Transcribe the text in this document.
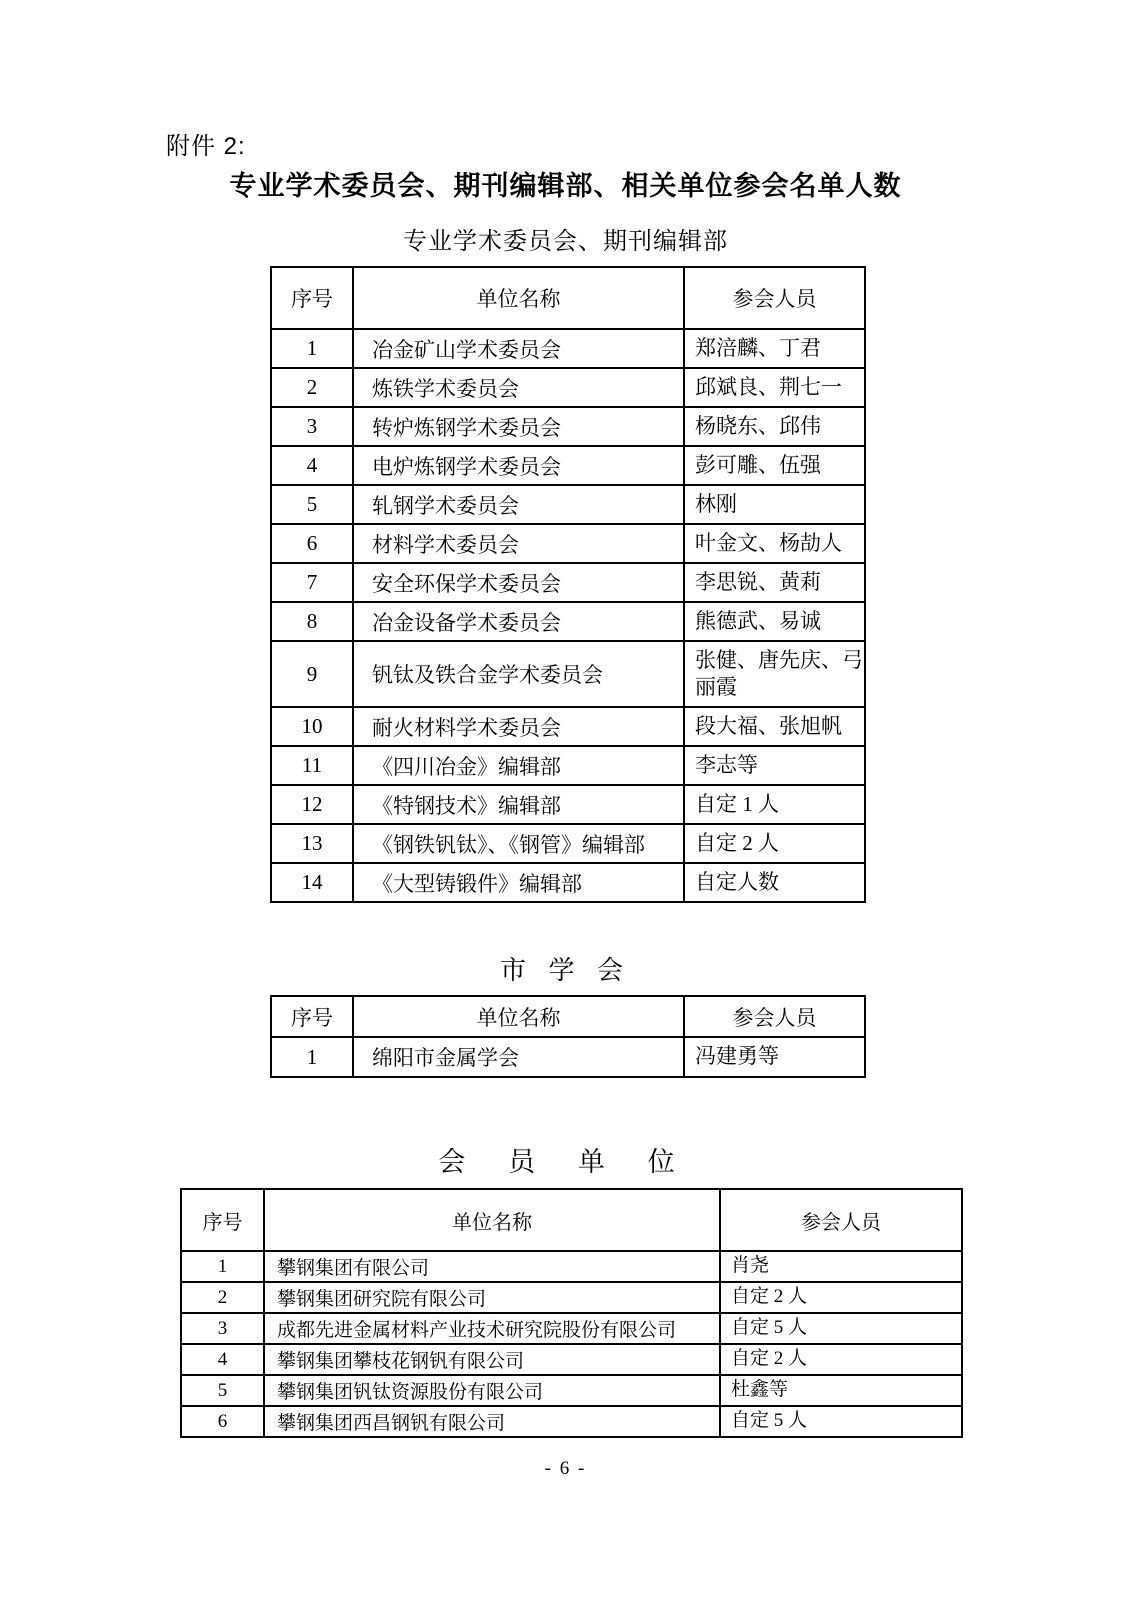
附件 2:
专业学术委员会、期刊编辑部、相关单位参会名单人数
专业学术委员会、期刊编辑部
序号	单位名称	参会人员
1	冶金矿山学术委员会	郑涪麟、丁君
2	炼铁学术委员会	邱斌良、荆七一
3	转炉炼钢学术委员会	杨晓东、邱伟
4	电炉炼钢学术委员会	彭可雕、伍强
5	轧钢学术委员会	林刚
6	材料学术委员会	叶金文、杨劼人
7	安全环保学术委员会	李思锐、黄莉
8	冶金设备学术委员会	熊德武、易诚
9	钒钛及铁合金学术委员会	张健、唐先庆、弓丽霞
10	耐火材料学术委员会	段大福、张旭帆
11	《四川冶金》编辑部	李志等
12	《特钢技术》编辑部	自定 1 人
13	《钢铁钒钛》、《钢管》编辑部	自定 2 人
14	《大型铸锻件》编辑部	自定人数
市 学 会
序号	单位名称	参会人员
1	绵阳市金属学会	冯建勇等
会 员 单 位
序号	单位名称	参会人员
1	攀钢集团有限公司	肖尧
2	攀钢集团研究院有限公司	自定 2 人
3	成都先进金属材料产业技术研究院股份有限公司	自定 5 人
4	攀钢集团攀枝花钢钒有限公司	自定 2 人
5	攀钢集团钒钛资源股份有限公司	杜鑫等
6	攀钢集团西昌钢钒有限公司	自定 5 人
- 6 -
